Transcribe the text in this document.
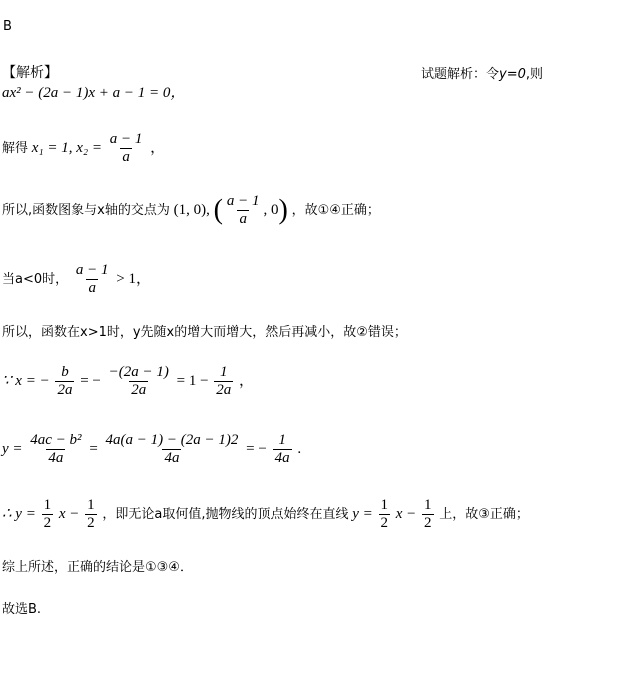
B
【解析】	试题解析：令y=0,则
ax² − (2a − 1)x + a − 1 = 0，
解得 x₁ = 1, $x_2 = \frac{a - 1}{a}$ ，
所以,函数图象与x轴的交点为 (1, 0), ( $\frac{a - 1}{a}$ , 0) ，故①④正确；
当a<0时， $\frac{a - 1}{a} > 1$，
所以，函数在x>1时，y先随x的增大而增大，然后再减小，故②错误；
∵ x = − $\frac{b}{2a}$ = − $\frac{-(2a - 1)}{2a} = 1 - \frac{1}{2a}$ ，
$y = \frac{\text{4ac − b²}}{4a} = \frac{4a(a - 1) - (2a - 1)2}{4a}$ = − $\frac{1}{4a}$ .
∴ $y = \frac{1}{2}$ $x - \frac{1}{2}$ ，即无论a取何值,抛物线的顶点始终在直线 $y = \frac{1}{2}$ $x - \frac{1}{2}$ 上，故③正确；
综上所述，正确的结论是①③④．
故选B.
